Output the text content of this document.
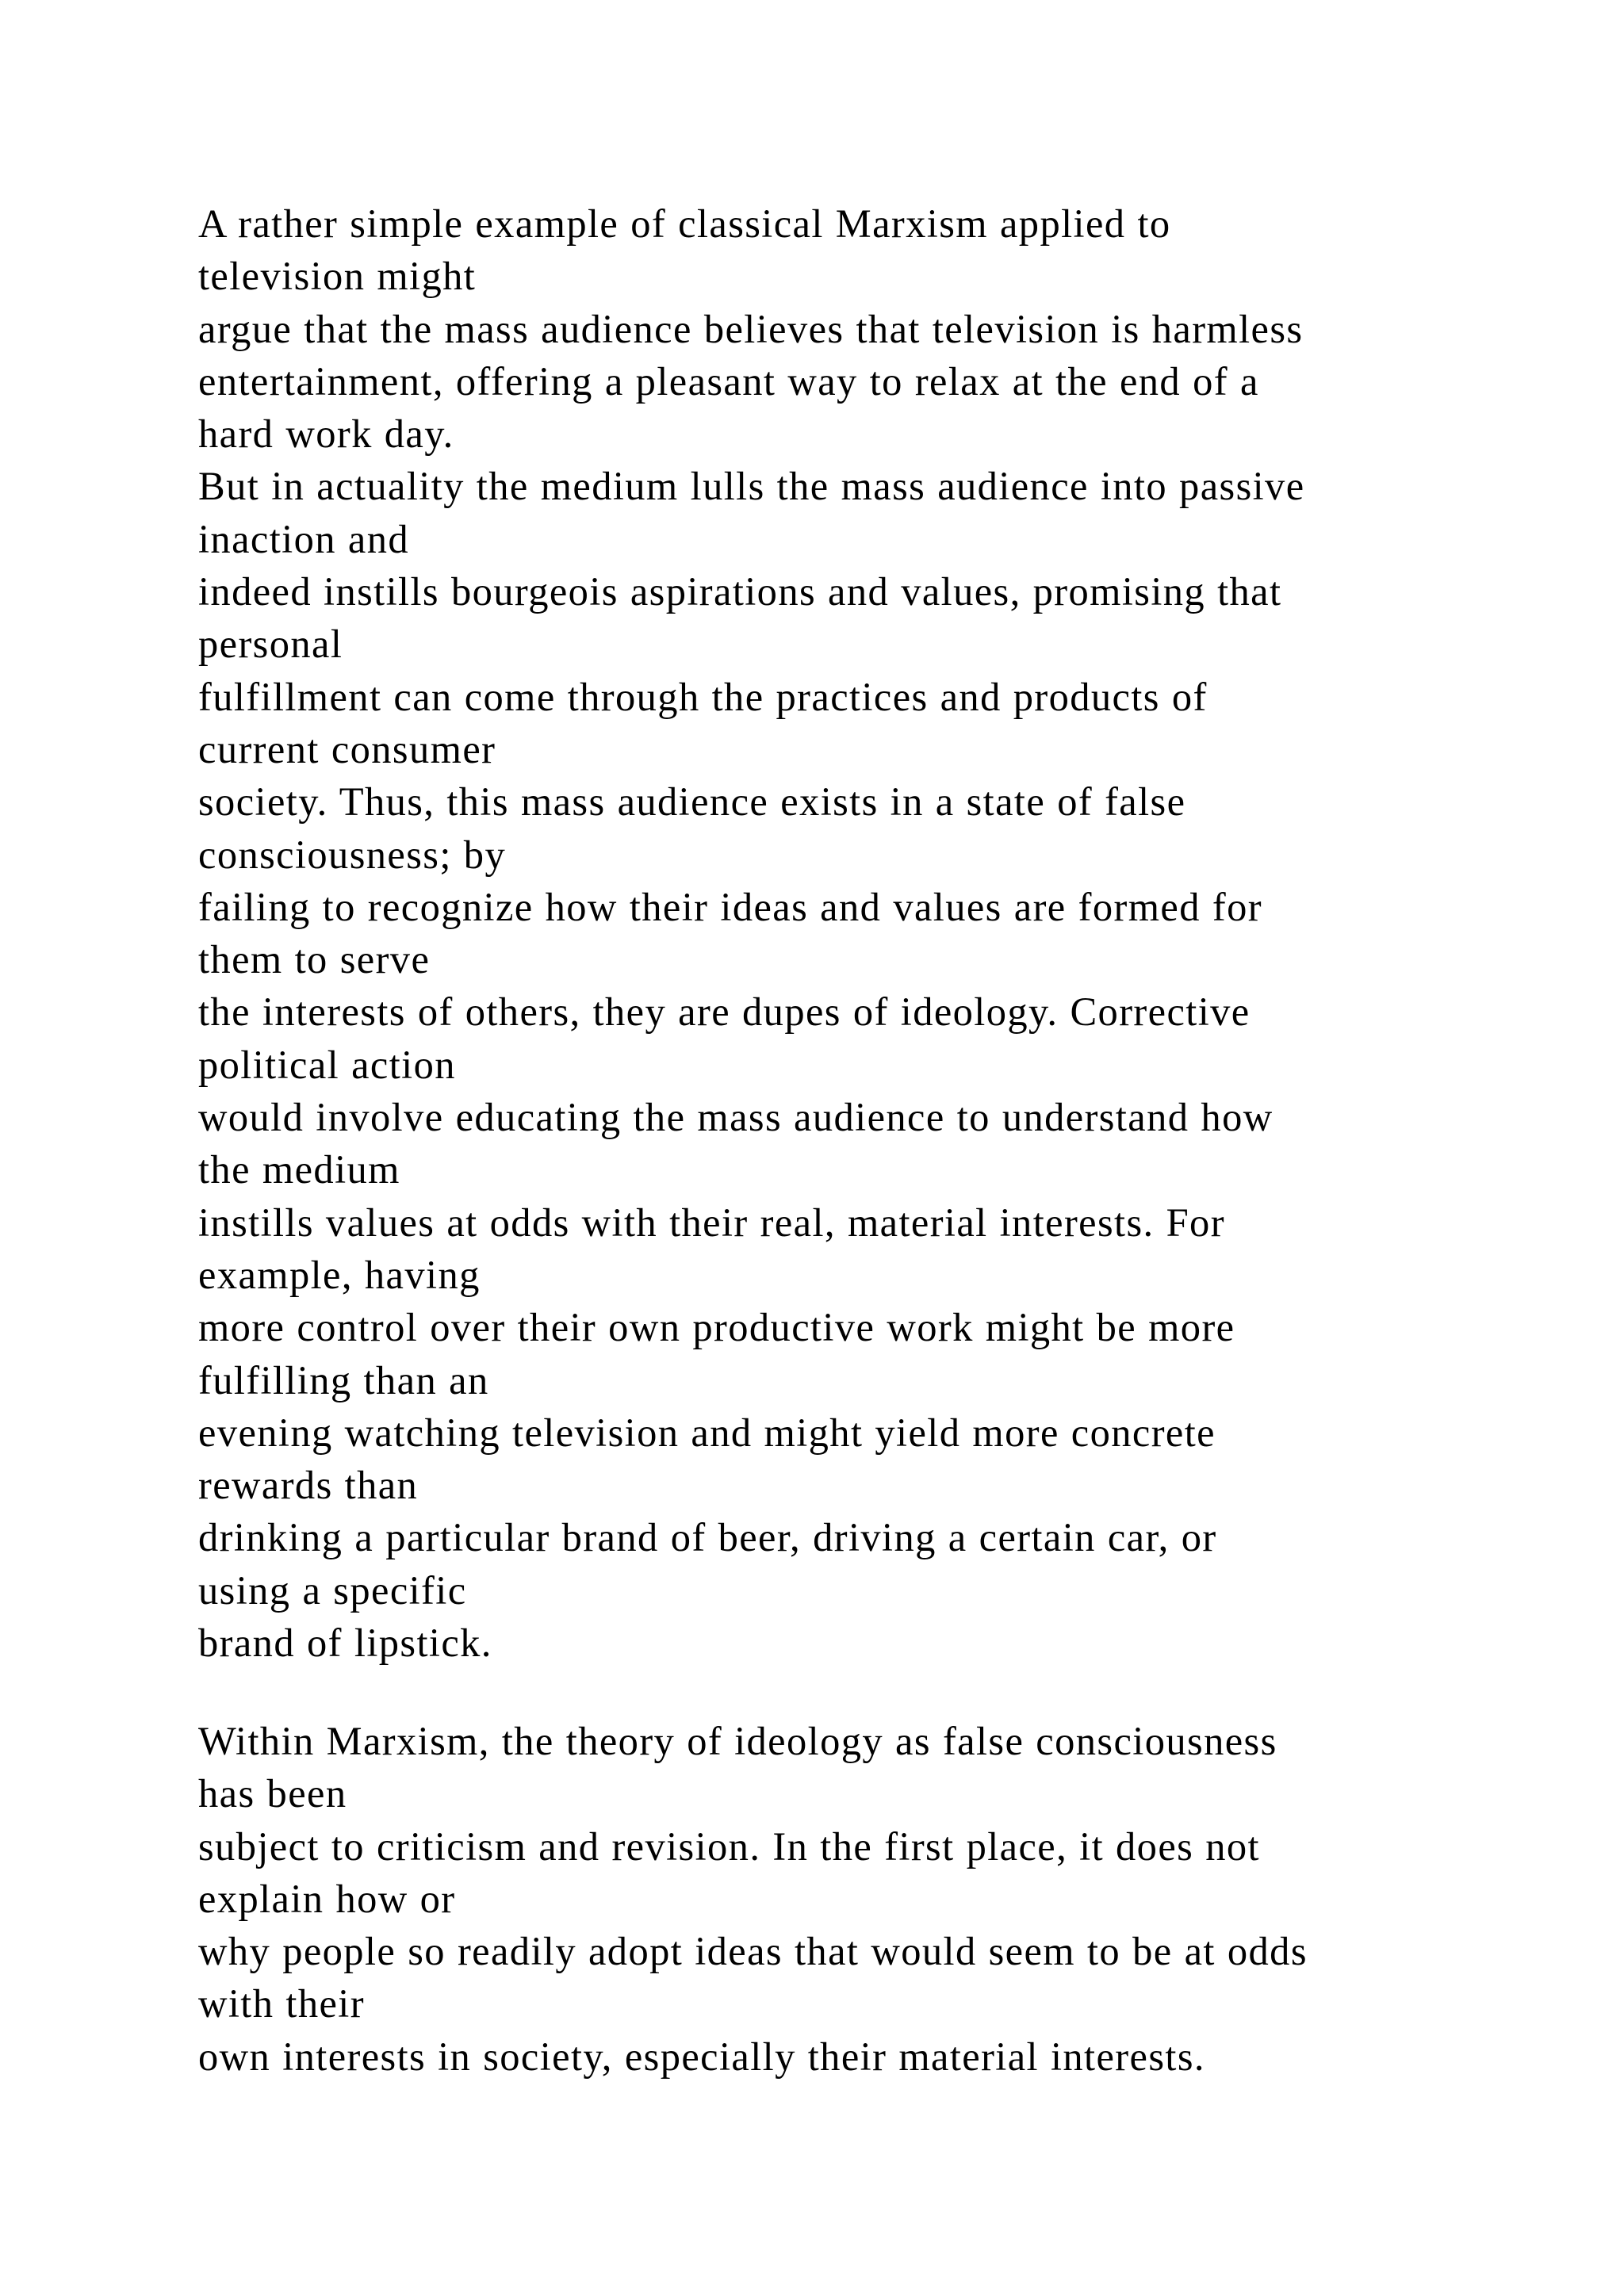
A rather simple example of classical Marxism applied to
television might
argue that the mass audience believes that television is harmless
entertainment, offering a pleasant way to relax at the end of a
hard work day.
But in actuality the medium lulls the mass audience into passive
inaction and
indeed instills bourgeois aspirations and values, promising that
personal
fulfillment can come through the practices and products of
current consumer
society. Thus, this mass audience exists in a state of false
consciousness; by
failing to recognize how their ideas and values are formed for
them to serve
the interests of others, they are dupes of ideology. Corrective
political action
would involve educating the mass audience to understand how
the medium
instills values at odds with their real, material interests. For
example, having
more control over their own productive work might be more
fulfilling than an
evening watching television and might yield more concrete
rewards than
drinking a particular brand of beer, driving a certain car, or
using a specific
brand of lipstick.
Within Marxism, the theory of ideology as false consciousness
has been
subject to criticism and revision. In the first place, it does not
explain how or
why people so readily adopt ideas that would seem to be at odds
with their
own interests in society, especially their material interests.
